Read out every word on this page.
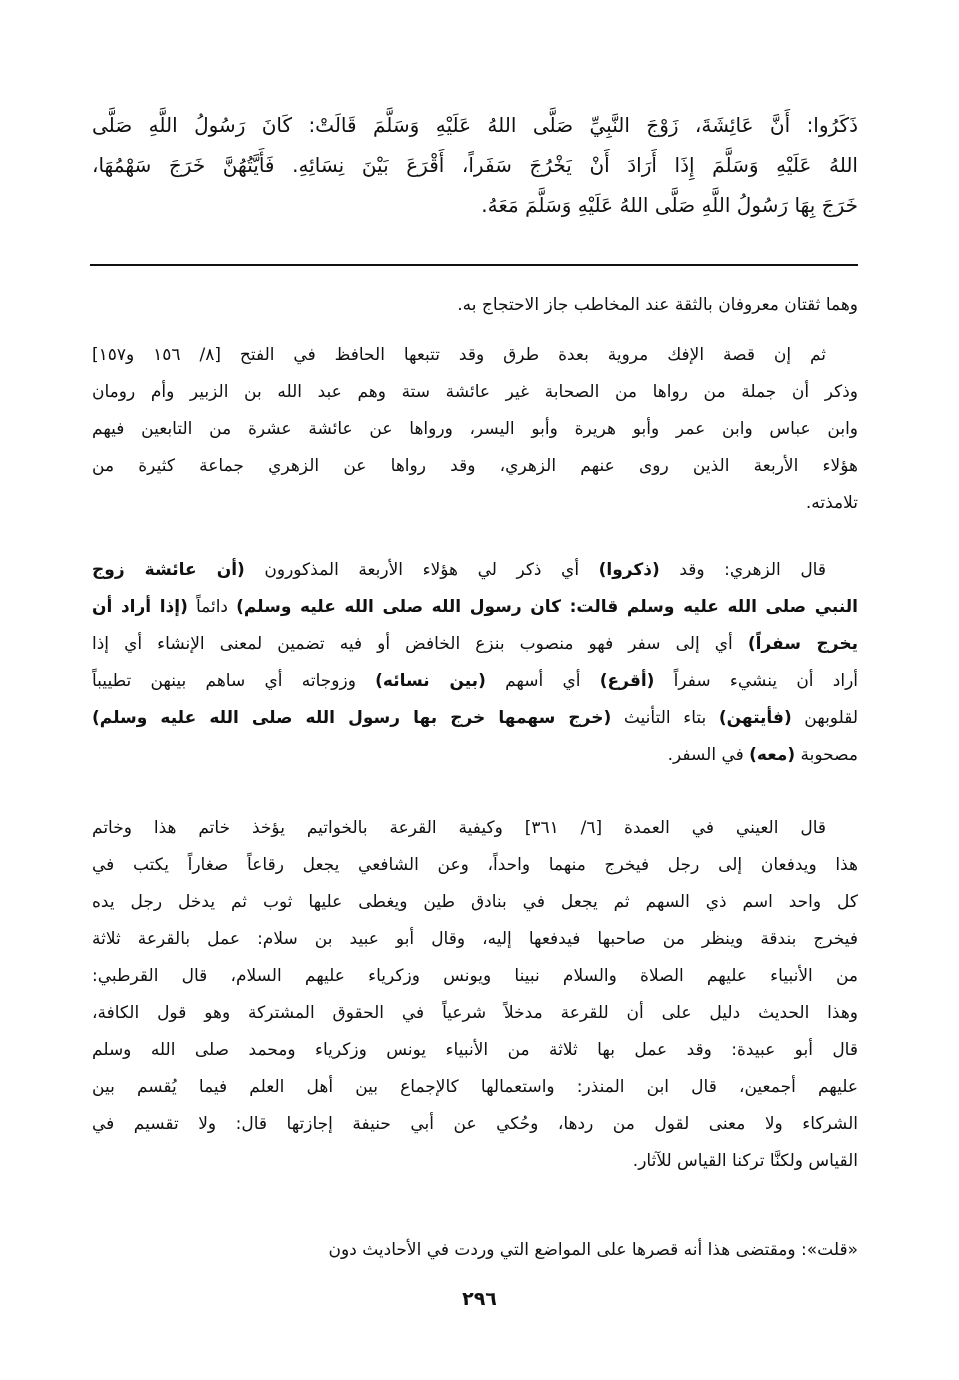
ذَكَرُوا: أَنَّ عَائِشَةَ، زَوْجَ النَّبِيِّ صَلَّى اللهُ عَلَيْهِ وَسَلَّمَ قَالَتْ: كَانَ رَسُولُ اللَّهِ صَلَّى
اللهُ عَلَيْهِ وَسَلَّمَ إِذَا أَرَادَ أَنْ يَخْرُجَ سَفَراً، أَقْرَعَ بَيْنَ نِسَائِهِ. فَأَيَّتُهُنَّ خَرَجَ سَهْمُهَا،
خَرَجَ بِهَا رَسُولُ اللَّهِ صَلَّى اللهُ عَلَيْهِ وَسَلَّمَ مَعَهُ.
وهما ثقتان معروفان بالثقة عند المخاطب جاز الاحتجاج به.
ثم إن قصة الإفك مروية بعدة طرق وقد تتبعها الحافظ في الفتح [٨/ ١٥٦ و١٥٧]
وذكر أن جملة من رواها من الصحابة غير عائشة ستة وهم عبد الله بن الزبير وأم رومان
وابن عباس وابن عمر وأبو هريرة وأبو اليسر، ورواها عن عائشة عشرة من التابعين فيهم
هؤلاء الأربعة الذين روى عنهم الزهري، وقد رواها عن الزهري جماعة كثيرة من
تلامذته.
قال الزهري: وقد (ذكروا) أي ذكر لي هؤلاء الأربعة المذكورون (أن عائشة زوج
النبي صلى الله عليه وسلم قالت: كان رسول الله صلى الله عليه وسلم) دائماً (إذا أراد أن
يخرج سفراً) أي إلى سفر فهو منصوب بنزع الخافض أو فيه تضمين لمعنى الإنشاء أي إذا
أراد أن ينشيء سفراً (أقرع) أي أسهم (بين نسائه) وزوجاته أي ساهم بينهن تطييباً
لقلوبهن (فأيتهن) بتاء التأنيث (خرج سهمها خرج بها رسول الله صلى الله عليه وسلم)
مصحوبة (معه) في السفر.
قال العيني في العمدة [٦/ ٣٦١] وكيفية القرعة بالخواتيم يؤخذ خاتم هذا وخاتم
هذا ويدفعان إلى رجل فيخرج منهما واحداً، وعن الشافعي يجعل رقاعاً صغاراً يكتب في
كل واحد اسم ذي السهم ثم يجعل في بنادق طين ويغطى عليها ثوب ثم يدخل رجل يده
فيخرج بندقة وينظر من صاحبها فيدفعها إليه، وقال أبو عبيد بن سلام: عمل بالقرعة ثلاثة
من الأنبياء عليهم الصلاة والسلام نبينا ويونس وزكرياء عليهم السلام، قال القرطبي:
وهذا الحديث دليل على أن للقرعة مدخلاً شرعياً في الحقوق المشتركة وهو قول الكافة،
قال أبو عبيدة: وقد عمل بها ثلاثة من الأنبياء يونس وزكرياء ومحمد صلى الله وسلم
عليهم أجمعين، قال ابن المنذر: واستعمالها كالإجماع بين أهل العلم فيما يُقسم بين
الشركاء ولا معنى لقول من ردها، وحُكي عن أبي حنيفة إجازتها قال: ولا تقسيم في
القياس ولكنَّا تركنا القياس للآثار.
«قلت»: ومقتضى هذا أنه قصرها على المواضع التي وردت في الأحاديث دون
٢٩٦
